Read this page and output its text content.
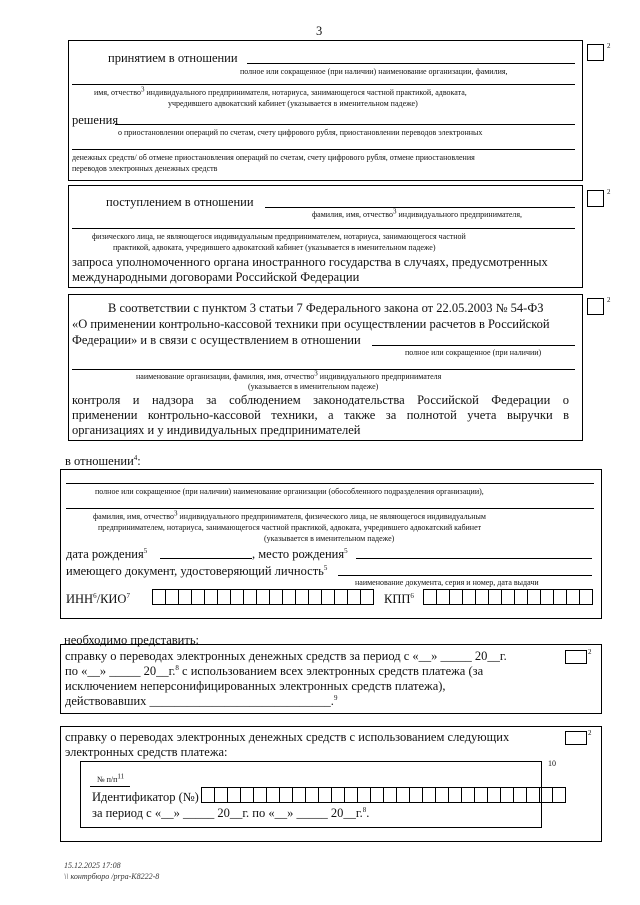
3
2
принятием в отношении
полное или сокращенное (при наличии) наименование организации, фамилия,
имя, отчество3 индивидуального предпринимателя, нотариуса, занимающегося частной практикой, адвоката,
учредившего адвокатский кабинет (указывается в именительном падеже)
решения
о приостановлении операций по счетам, счету цифрового рубля, приостановлении переводов электронных
денежных средств/ об отмене приостановления операций по счетам, счету цифрового рубля, отмене приостановления
переводов электронных денежных средств
2
поступлением в отношении
фамилия, имя, отчество3 индивидуального предпринимателя,
физического лица, не являющегося индивидуальным предпринимателем, нотариуса, занимающегося частной
практикой, адвоката, учредившего адвокатский кабинет (указывается в именительном падеже)
запроса уполномоченного органа иностранного государства в случаях, предусмотренных
международными договорами Российской Федерации
2
В соответствии с пунктом 3 статьи 7 Федерального закона от 22.05.2003 № 54-ФЗ
«О применении контрольно-кассовой техники при осуществлении расчетов в Российской
Федерации» и в связи с осуществлением в отношении
полное или сокращенное (при наличии)
наименование организации, фамилия, имя, отчество3 индивидуального предпринимателя
(указывается в именительном падеже)
контроля и надзора за соблюдением законодательства Российской Федерации о
применении контрольно-кассовой техники, а также за полнотой учета выручки в
организациях и у индивидуальных предпринимателей
в отношении$^4$:
полное или сокращенное (при наличии) наименование организации (обособленного подразделения организации),
фамилия, имя, отчество3 индивидуального предпринимателя, физического лица, не являющегося индивидуальным
предпринимателем, нотариуса, занимающегося частной практикой, адвоката, учредившего адвокатский кабинет
(указывается в именительном падеже)
дата рождения$^5$	, место рождения$^5$
имеющего документ, удостоверяющий личность$^5$
наименование документа, серия и номер, дата выдачи
ИНН$^6$/КИО$^7$	КПП$^6$
необходимо представить:
2
справку о переводах электронных денежных средств за период с «__» _____ 20__г.
по «__» _____ 20__г.$^8$ с использованием всех электронных средств платежа (за
исключением неперсонифицированных электронных средств платежа),
действовавших _____________________________.$^9$
2
справку о переводах электронных денежных средств с использованием следующих
электронных средств платежа:
10
№ п/п11
Идентификатор (№)
за период с «__» _____ 20__г. по «__» _____ 20__г.$^8$.
15.12.2025 17:08
\\ контрбюро /prpa-K8222-8
